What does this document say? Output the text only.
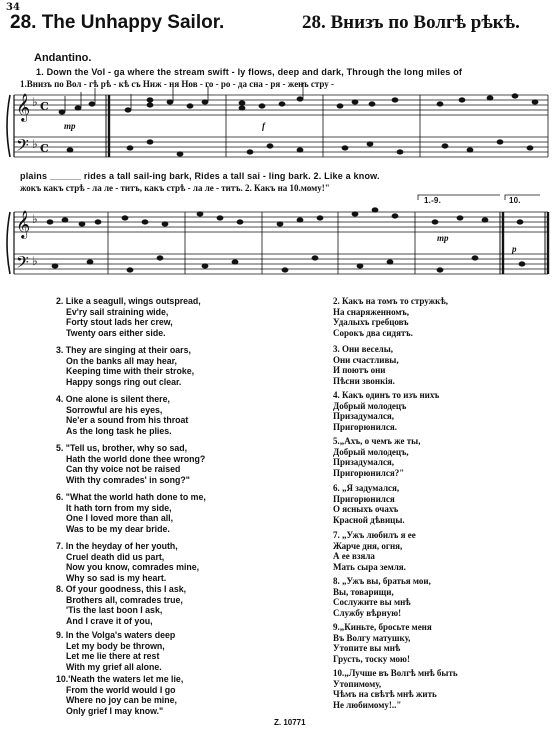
34
28. The Unhappy Sailor.	28. Внизъ по Волгѣ рѣкѣ.
Andantino.
1. Down the Vol - ga where the stream swift - ly flows, deep and dark, Through the long miles of
1.Внизъ по Вол - гѣ рѣ - кѣ съ Ниж - ня Нов - го - ро - да сна - ря - женъ стру -
𝄞
𝄢
♭
♭
C
C
𝄞
𝄢
♭
♭
mp	f
plains ______ rides a tall sail-ing bark, Rides a tall sai - ling bark. 2. Like a know.
жокъ какъ стрѣ - ла ле - титъ, какъ стрѣ - ла ле - титъ. 2. Какъ на 10.мому!"
1.-9.	10.
mp
p
2. Like a seagull, wings outspread,
Ev'ry sail straining wide,
Forty stout lads her crew,
Twenty oars either side.
3. They are singing at their oars,
On the banks all may hear,
Keeping time with their stroke,
Happy songs ring out clear.
4. One alone is silent there,
Sorrowful are his eyes,
Ne'er a sound from his throat
As the long task he plies.
5. "Tell us, brother, why so sad,
Hath the world done thee wrong?
Can thy voice not be raised
With thy comrades' in song?"
6. "What the world hath done to me,
It hath torn from my side,
One I loved more than all,
Was to be my dear bride.
7. In the heyday of her youth,
Cruel death did us part,
Now you know, comrades mine,
Why so sad is my heart.
8. Of your goodness, this I ask,
Brothers all, comrades true,
'Tis the last boon I ask,
And I crave it of you,
9. In the Volga's waters deep
Let my body be thrown,
Let me lie there at rest
With my grief all alone.
10.'Neath the waters let me lie,
From the world would I go
Where no joy can be mine,
Only grief I may know."
2. Какъ на томъ то стружкѣ,
На снаряженномъ,
Удалыхъ гребцовъ
Сорокъ два сидятъ.
3. Они веселы,
Они счастливы,
И поютъ они
Пѣсни звонкія.
4. Какъ одинъ то изъ нихъ
Добрый молодецъ
Призадумался,
Пригорюнился.
5.„Ахъ, о чемъ же ты,
Добрый молодецъ,
Призадумался,
Пригорюнился?"
6. „Я задумался,
Пригорюнился
О ясныхъ очахъ
Красной дѣвицы.
7. „Ужъ любилъ я ее
Жарче дня, огня,
А ее взяла
Мать сыра земля.
8. „Ужъ вы, братья мои,
Вы, товарищи,
Сослужите вы мнѣ
Службу вѣрную!
9.„Киньте, бросьте меня
Въ Волгу матушку,
Утопите вы мнѣ
Грусть, тоску мою!
10.„Лучше въ Волгѣ мнѣ быть
Утопимому,
Чѣмъ на свѣтѣ мнѣ жить
Не любимому!.."
Z. 10771
